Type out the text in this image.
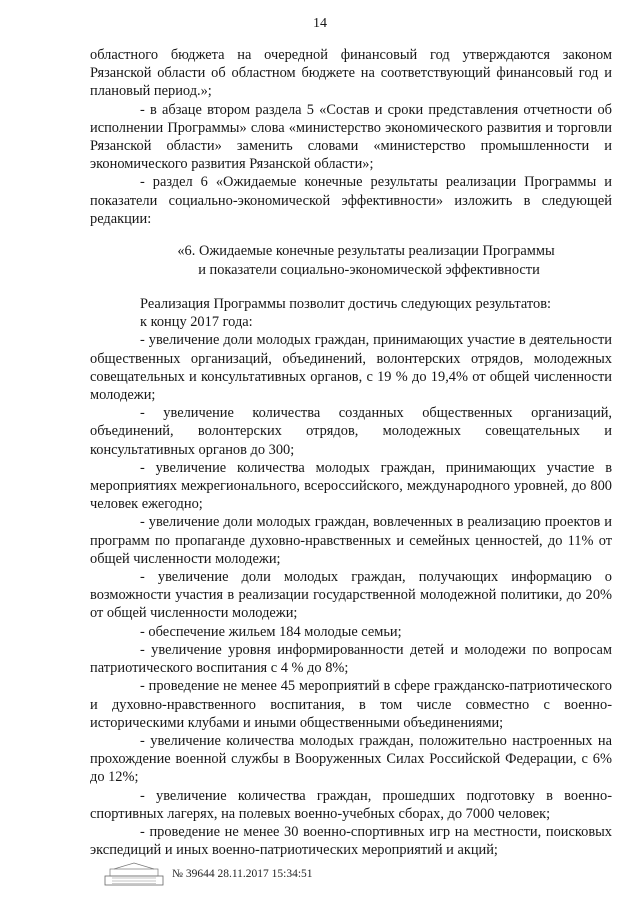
14

областного бюджета на очередной финансовый год утверждаются законом Рязанской области об областном бюджете на соответствующий финансовый год и плановый период.»;

- в абзаце втором раздела 5 «Состав и сроки представления отчетности об исполнении Программы» слова «министерство экономического развития и торговли Рязанской области» заменить словами «министерство промышленности и экономического развития Рязанской области»;

- раздел 6 «Ожидаемые конечные результаты реализации Программы и показатели социально-экономической эффективности» изложить в следующей редакции:

«6. Ожидаемые конечные результаты реализации Программы

и показатели социально-экономической эффективности

Реализация Программы позволит достичь следующих результатов:

к концу 2017 года:

- увеличение доли молодых граждан, принимающих участие в деятельности общественных организаций, объединений, волонтерских отрядов, молодежных совещательных и консультативных органов, с 19 % до 19,4% от общей численности молодежи;

- увеличение количества созданных общественных организаций, объединений, волонтерских отрядов, молодежных совещательных и консультативных органов до 300;

- увеличение количества молодых граждан, принимающих участие в мероприятиях межрегионального, всероссийского, международного уровней, до 800 человек ежегодно;

- увеличение доли молодых граждан, вовлеченных в реализацию проектов и программ по пропаганде духовно-нравственных и семейных ценностей, до 11% от общей численности молодежи;

- увеличение доли молодых граждан, получающих информацию о возможности участия в реализации государственной молодежной политики, до 20% от общей численности молодежи;

- обеспечение жильем 184 молодые семьи;

- увеличение уровня информированности детей и молодежи по вопросам патриотического воспитания с 4 % до 8%;

- проведение не менее 45 мероприятий в сфере гражданско-патриотического и духовно-нравственного воспитания, в том числе совместно с военно-историческими клубами и иными общественными объединениями;

- увеличение количества молодых граждан, положительно настроенных на прохождение военной службы в Вооруженных Силах Российской Федерации, с 6% до 12%;

- увеличение количества граждан, прошедших подготовку в военно-спортивных лагерях, на полевых военно-учебных сборах, до 7000 человек;

- проведение не менее 30 военно-спортивных игр на местности, поисковых экспедиций и иных военно-патриотических мероприятий и акций;

№ 39644 28.11.2017 15:34:51
